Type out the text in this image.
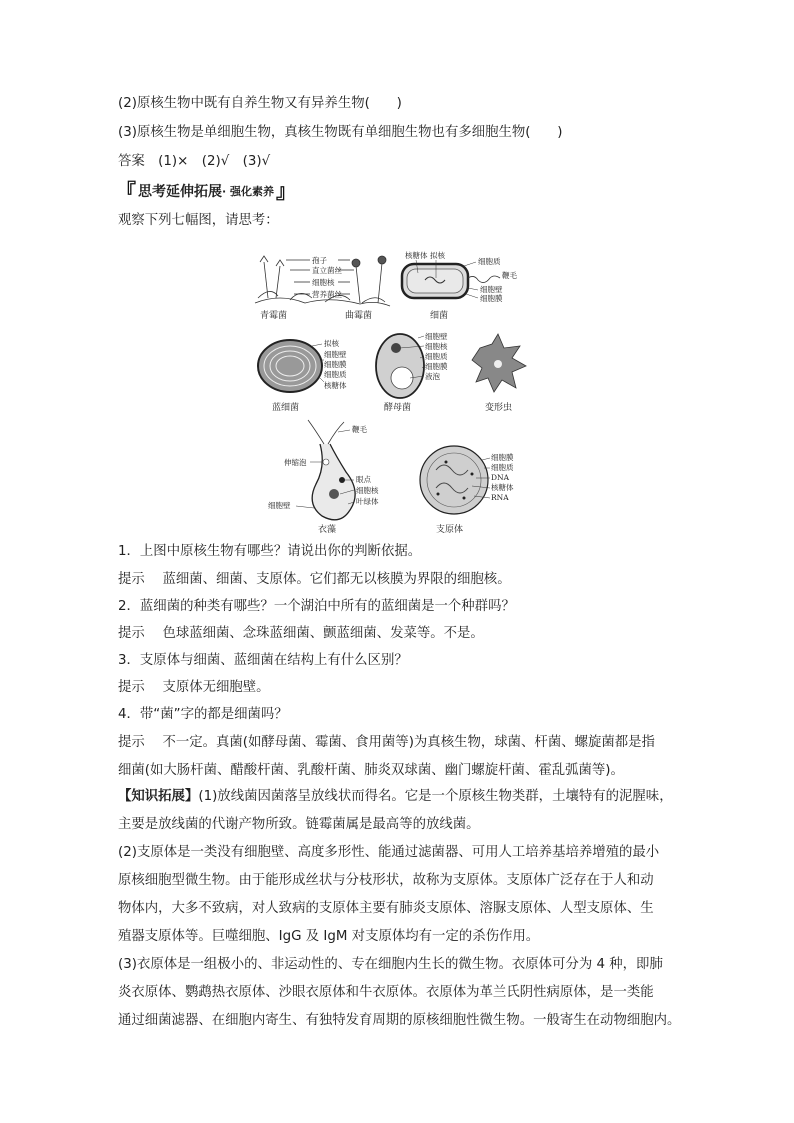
(2)原核生物中既有自养生物又有异养生物(　　)
(3)原核生物是单细胞生物，真核生物既有单细胞生物也有多细胞生物(　　)
答案　(1)×　(2)√　(3)√
『 思考延伸拓展 · 强化素养 』
观察下列七幅图，请思考：
孢子
直立菌丝
细胞核
营养菌丝
青霉菌	曲霉菌
核糖体 拟核
细胞质
鞭毛
细胞壁
细胞膜
细菌
拟核
细胞壁
细胞膜
细胞质
核糖体
蓝细菌
细胞壁
细胞核
细胞质
细胞膜
液泡
酵母菌	变形虫
鞭毛
伸缩泡
眼点
细胞核
叶绿体
细胞壁
衣藻
细胞膜
细胞质
DNA
核糖体
RNA
支原体
1．上图中原核生物有哪些？请说出你的判断依据。
提示　 蓝细菌、细菌、支原体。它们都无以核膜为界限的细胞核。
2．蓝细菌的种类有哪些？一个湖泊中所有的蓝细菌是一个种群吗？
提示　 色球蓝细菌、念珠蓝细菌、颤蓝细菌、发菜等。不是。
3．支原体与细菌、蓝细菌在结构上有什么区别？
提示　 支原体无细胞壁。
4．带“菌”字的都是细菌吗？
提示　 不一定。真菌(如酵母菌、霉菌、食用菌等)为真核生物，球菌、杆菌、螺旋菌都是指
细菌(如大肠杆菌、醋酸杆菌、乳酸杆菌、肺炎双球菌、幽门螺旋杆菌、霍乱弧菌等)。
【知识拓展】(1)放线菌因菌落呈放线状而得名。它是一个原核生物类群，土壤特有的泥腥味，
主要是放线菌的代谢产物所致。链霉菌属是最高等的放线菌。
(2)支原体是一类没有细胞壁、高度多形性、能通过滤菌器、可用人工培养基培养增殖的最小
原核细胞型微生物。由于能形成丝状与分枝形状，故称为支原体。支原体广泛存在于人和动
物体内，大多不致病，对人致病的支原体主要有肺炎支原体、溶脲支原体、人型支原体、生
殖器支原体等。巨噬细胞、IgG 及 IgM 对支原体均有一定的杀伤作用。
(3)衣原体是一组极小的、非运动性的、专在细胞内生长的微生物。衣原体可分为 4 种，即肺
炎衣原体、鹦鹉热衣原体、沙眼衣原体和牛衣原体。衣原体为革兰氏阴性病原体，是一类能
通过细菌滤器、在细胞内寄生、有独特发育周期的原核细胞性微生物。一般寄生在动物细胞内。
